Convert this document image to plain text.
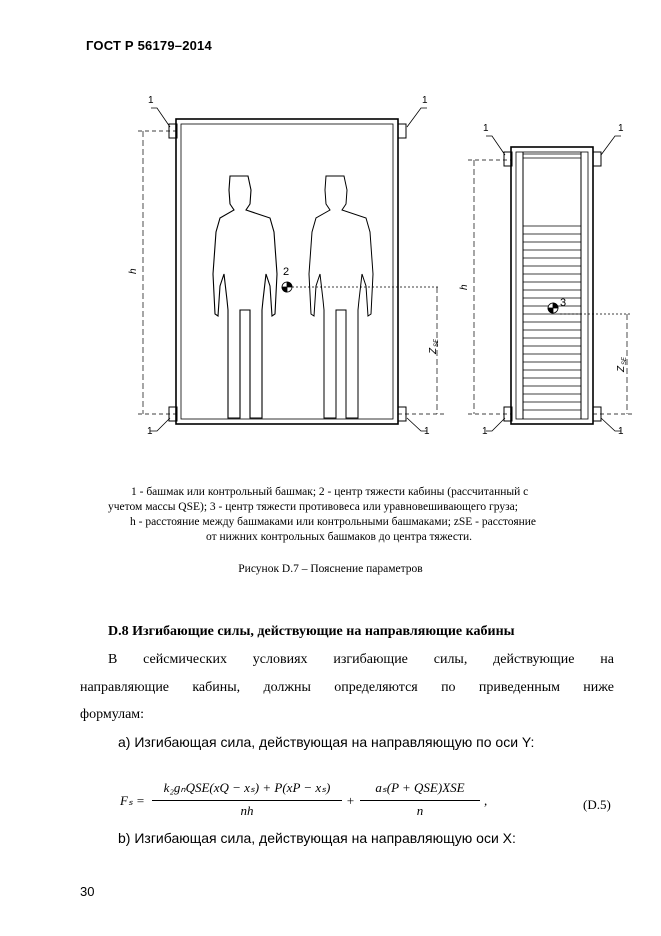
ГОСТ Р 56179–2014
1	1
1	1
1	1
1	1
2
3
h
h
Z
SE
Z
SE
1 - башмак или контрольный башмак; 2 - центр тяжести кабины (рассчитанный с
учетом массы QSE); 3 - центр тяжести противовеса или уравновешивающего груза;
h - расстояние между башмаками или контрольными башмаками; zSE - расстояние
от нижних контрольных башмаков до центра тяжести.
Рисунок D.7 – Пояснение параметров
D.8 Изгибающие силы, действующие на направляющие кабины
В сейсмических условиях изгибающие силы, действующие на
направляющие кабины, должны определяются по приведенным ниже
формулам:
а) Изгибающая сила, действующая на направляющую по оси Y:
Fₛ =
k₂gₙQSE(xQ − xₛ) + P(xP − xₛ)
nh
+
aₛ(P + QSE)XSE
n
,	(D.5)
b) Изгибающая сила, действующая на направляющую оси X:
30
